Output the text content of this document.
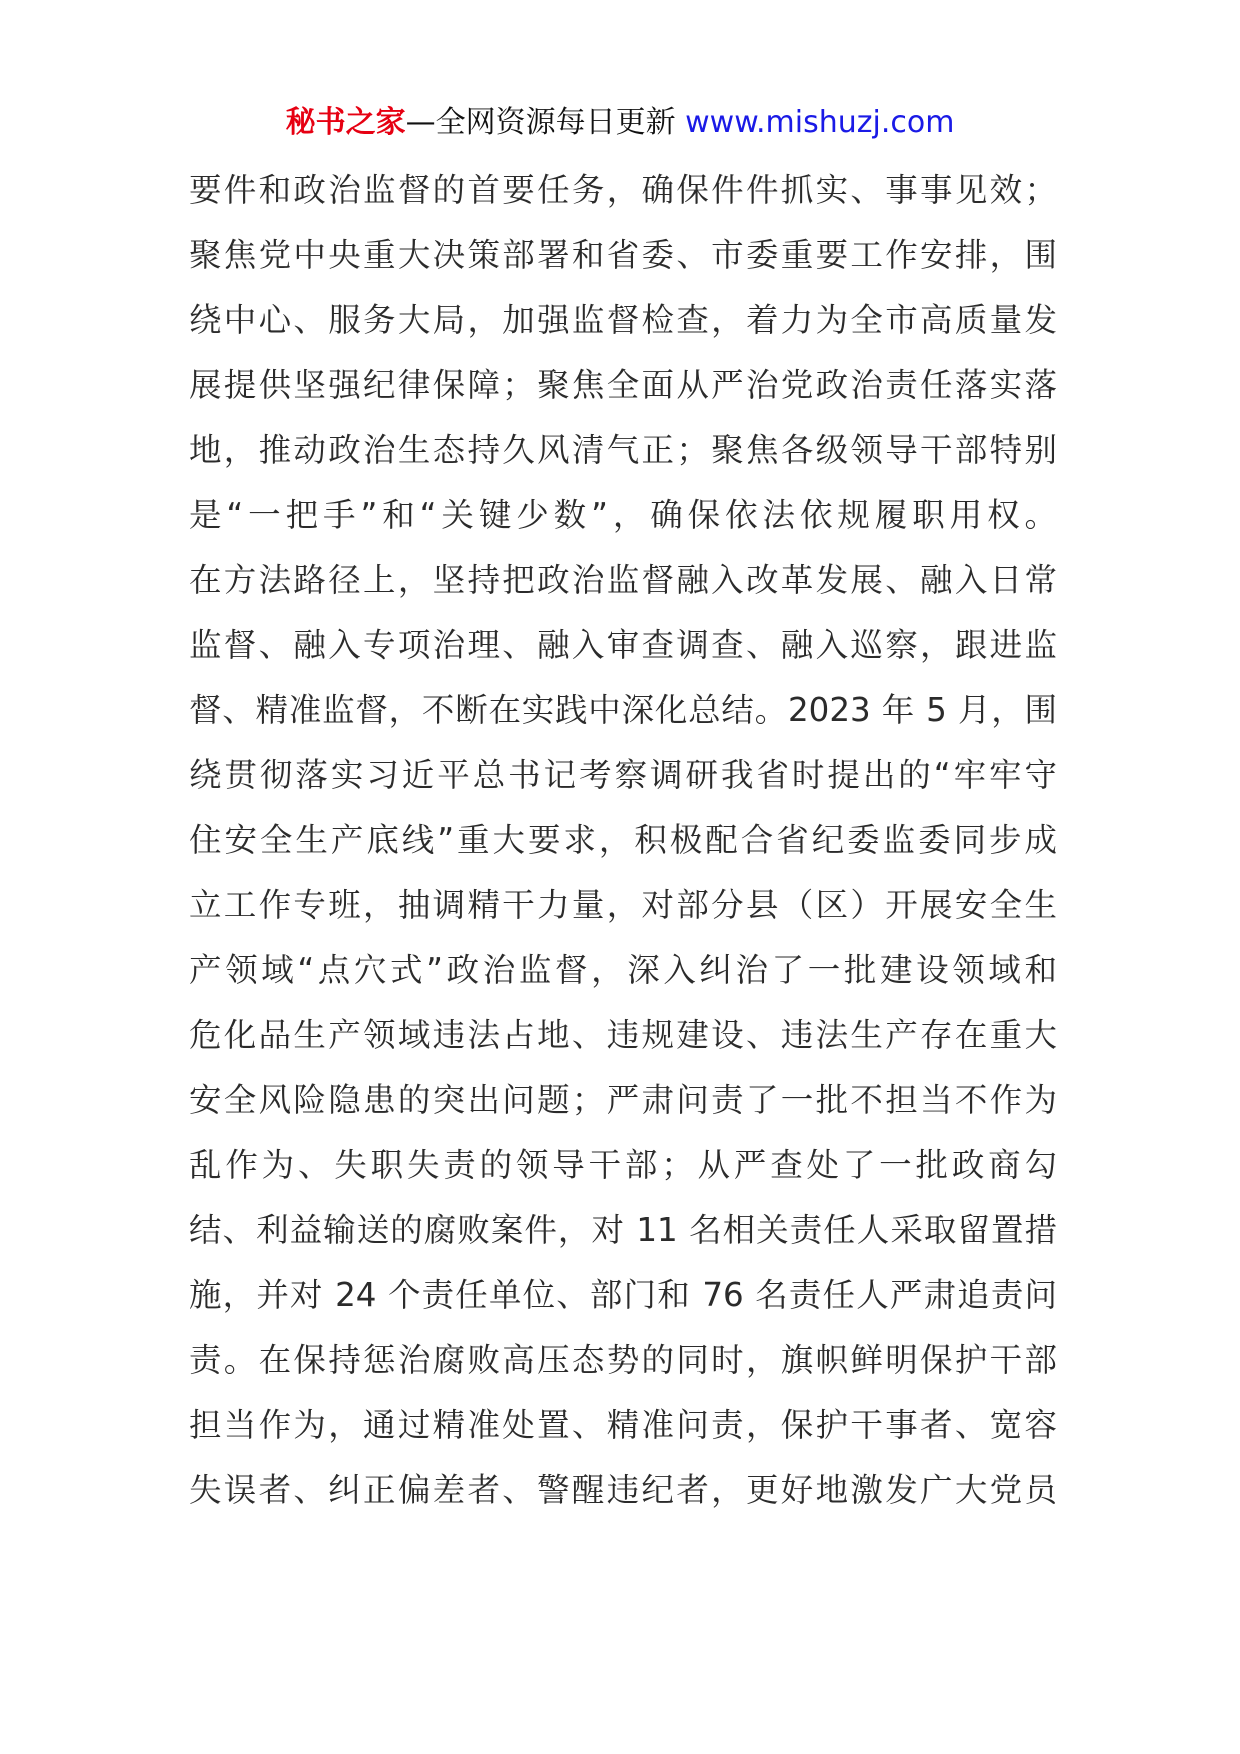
秘书之家—全网资源每日更新 www.mishuzj.com
要件和政治监督的首要任务，确保件件抓实、事事见效；
聚焦党中央重大决策部署和省委、市委重要工作安排，围
绕中心、服务大局，加强监督检查，着力为全市高质量发
展提供坚强纪律保障；聚焦全面从严治党政治责任落实落
地，推动政治生态持久风清气正；聚焦各级领导干部特别
是“一把手”和“关键少数”，确保依法依规履职用权。
在方法路径上，坚持把政治监督融入改革发展、融入日常
监督、融入专项治理、融入审查调查、融入巡察，跟进监
督、精准监督，不断在实践中深化总结。2023 年 5 月，围
绕贯彻落实习近平总书记考察调研我省时提出的“牢牢守
住安全生产底线”重大要求，积极配合省纪委监委同步成
立工作专班，抽调精干力量，对部分县（区）开展安全生
产领域“点穴式”政治监督，深入纠治了一批建设领域和
危化品生产领域违法占地、违规建设、违法生产存在重大
安全风险隐患的突出问题；严肃问责了一批不担当不作为
乱作为、失职失责的领导干部；从严查处了一批政商勾
结、利益输送的腐败案件，对 11 名相关责任人采取留置措
施，并对 24 个责任单位、部门和 76 名责任人严肃追责问
责。在保持惩治腐败高压态势的同时，旗帜鲜明保护干部
担当作为，通过精准处置、精准问责，保护干事者、宽容
失误者、纠正偏差者、警醒违纪者，更好地激发广大党员
